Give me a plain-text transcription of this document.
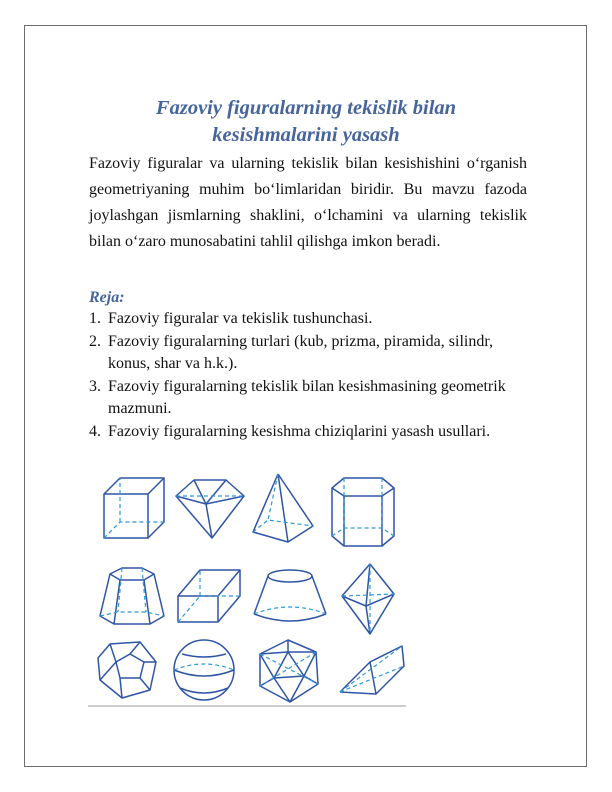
Fazoviy figuralarning tekislik bilan
kesishmalarini yasash
Fazoviy figuralar va ularning tekislik bilan kesishishini o‘rganish geometriyaning muhim bo‘limlaridan biridir. Bu mavzu fazoda joylashgan jismlarning shaklini, o‘lchamini va ularning tekislik bilan o‘zaro munosabatini tahlil qilishga imkon beradi.
Reja:
1. Fazoviy figuralar va tekislik tushunchasi.
2. Fazoviy figuralarning turlari (kub, prizma, piramida, silindr, konus, shar va h.k.).
3. Fazoviy figuralarning tekislik bilan kesishmasining geometrik mazmuni.
4. Fazoviy figuralarning kesishma chiziqlarini yasash usullari.
